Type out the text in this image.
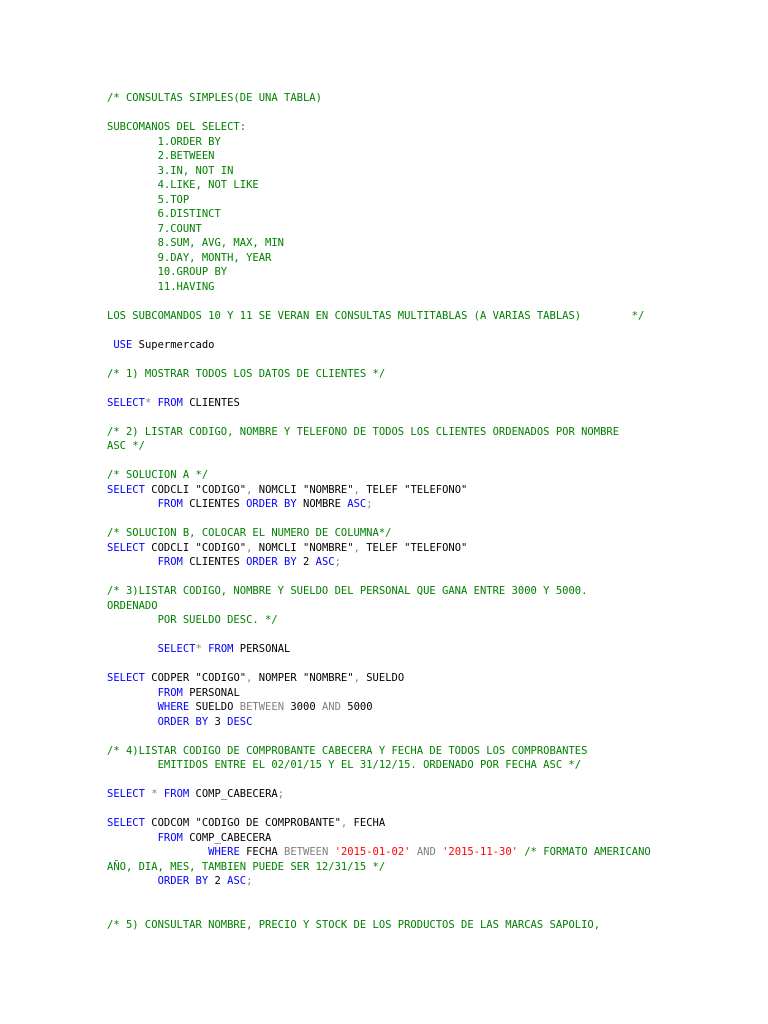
/* CONSULTAS SIMPLES(DE UNA TABLA)
SUBCOMANOS DEL SELECT:
1.ORDER BY
2.BETWEEN
3.IN, NOT IN
4.LIKE, NOT LIKE
5.TOP
6.DISTINCT
7.COUNT
8.SUM, AVG, MAX, MIN
9.DAY, MONTH, YEAR
10.GROUP BY
11.HAVING
LOS SUBCOMANDOS 10 Y 11 SE VERAN EN CONSULTAS MULTITABLAS (A VARIAS TABLAS)        */
USE Supermercado
/* 1) MOSTRAR TODOS LOS DATOS DE CLIENTES */
SELECT* FROM CLIENTES
/* 2) LISTAR CODIGO, NOMBRE Y TELEFONO DE TODOS LOS CLIENTES ORDENADOS POR NOMBRE
ASC */
/* SOLUCION A */
SELECT CODCLI "CODIGO", NOMCLI "NOMBRE", TELEF "TELEFONO"
FROM CLIENTES ORDER BY NOMBRE ASC;
/* SOLUCION B, COLOCAR EL NUMERO DE COLUMNA*/
SELECT CODCLI "CODIGO", NOMCLI "NOMBRE", TELEF "TELEFONO"
FROM CLIENTES ORDER BY 2 ASC;
/* 3)LISTAR CODIGO, NOMBRE Y SUELDO DEL PERSONAL QUE GANA ENTRE 3000 Y 5000.
ORDENADO
POR SUELDO DESC. */
SELECT* FROM PERSONAL
SELECT CODPER "CODIGO", NOMPER "NOMBRE", SUELDO
FROM PERSONAL
WHERE SUELDO BETWEEN 3000 AND 5000
ORDER BY 3 DESC
/* 4)LISTAR CODIGO DE COMPROBANTE CABECERA Y FECHA DE TODOS LOS COMPROBANTES
EMITIDOS ENTRE EL 02/01/15 Y EL 31/12/15. ORDENADO POR FECHA ASC */
SELECT * FROM COMP_CABECERA;
SELECT CODCOM "CODIGO DE COMPROBANTE", FECHA
FROM COMP_CABECERA
WHERE FECHA BETWEEN '2015-01-02' AND '2015-11-30' /* FORMATO AMERICANO
AÑO, DIA, MES, TAMBIEN PUEDE SER 12/31/15 */
ORDER BY 2 ASC;
/* 5) CONSULTAR NOMBRE, PRECIO Y STOCK DE LOS PRODUCTOS DE LAS MARCAS SAPOLIO,
